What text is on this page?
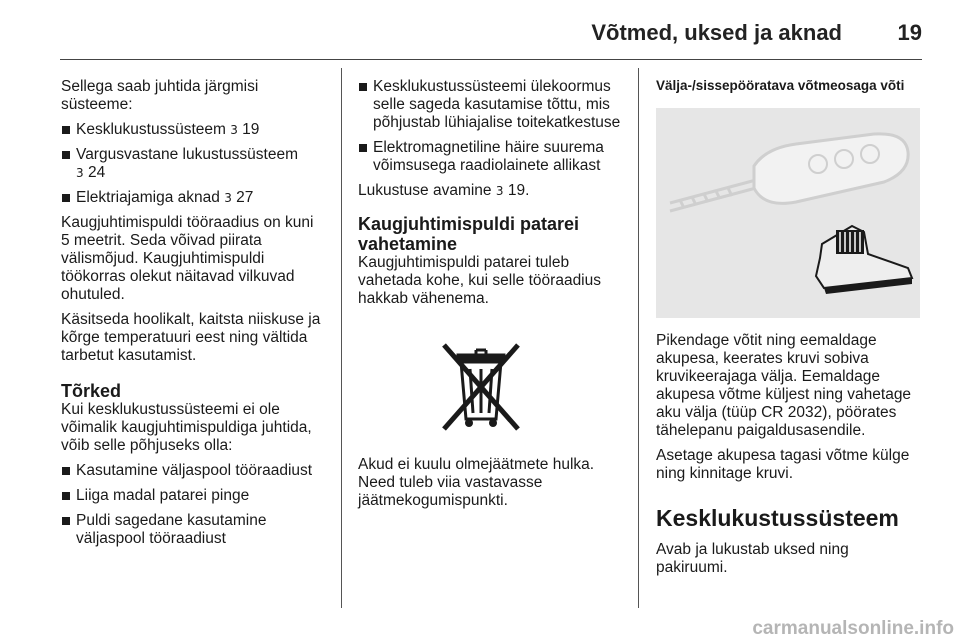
Võtmed, uksed ja aknad	19

Sellega saab juhtida järgmisi süsteeme:

Kesklukustussüsteem 3 19
Vargusvastane lukustussüsteem
3 24
Elektriajamiga aknad 3 27

Kaugjuhtimispuldi tööraadius on kuni 5 meetrit. Seda võivad piirata välismõjud. Kaugjuhtimispuldi töökorras olekut näitavad vilkuvad ohutuled.

Käsitseda hoolikalt, kaitsta niiskuse ja kõrge temperatuuri eest ning vältida tarbetut kasutamist.

Tõrked

Kui kesklukustussüsteemi ei ole võimalik kaugjuhtimispuldiga juhtida, võib selle põhjuseks olla:

Kasutamine väljaspool tööraadiust
Liiga madal patarei pinge
Puldi sagedane kasutamine väljaspool tööraadiust
Kesklukustussüsteemi ülekoormus selle sageda kasutamise tõttu, mis põhjustab lühiajalise toitekatkestuse
Elektromagnetiline häire suurema võimsusega raadiolainete allikast

Lukustuse avamine 3 19.

Kaugjuhtimispuldi patarei vahetamine

Kaugjuhtimispuldi patarei tuleb vahetada kohe, kui selle tööraadius hakkab vähenema.

Akud ei kuulu olmejäätmete hulka. Need tuleb viia vastavasse jäätmekogumispunkti.

Välja-/sissepööratava võtmeosaga võti

Pikendage võtit ning eemaldage akupesa, keerates kruvi sobiva kruvikeerajaga välja. Eemaldage akupesa võtme küljest ning vahetage aku välja (tüüp CR 2032), pöörates tähelepanu paigaldusasendile.

Asetage akupesa tagasi võtme külge ning kinnitage kruvi.

Kesklukustussüsteem

Avab ja lukustab uksed ning pakiruumi.

carmanualsonline.info
